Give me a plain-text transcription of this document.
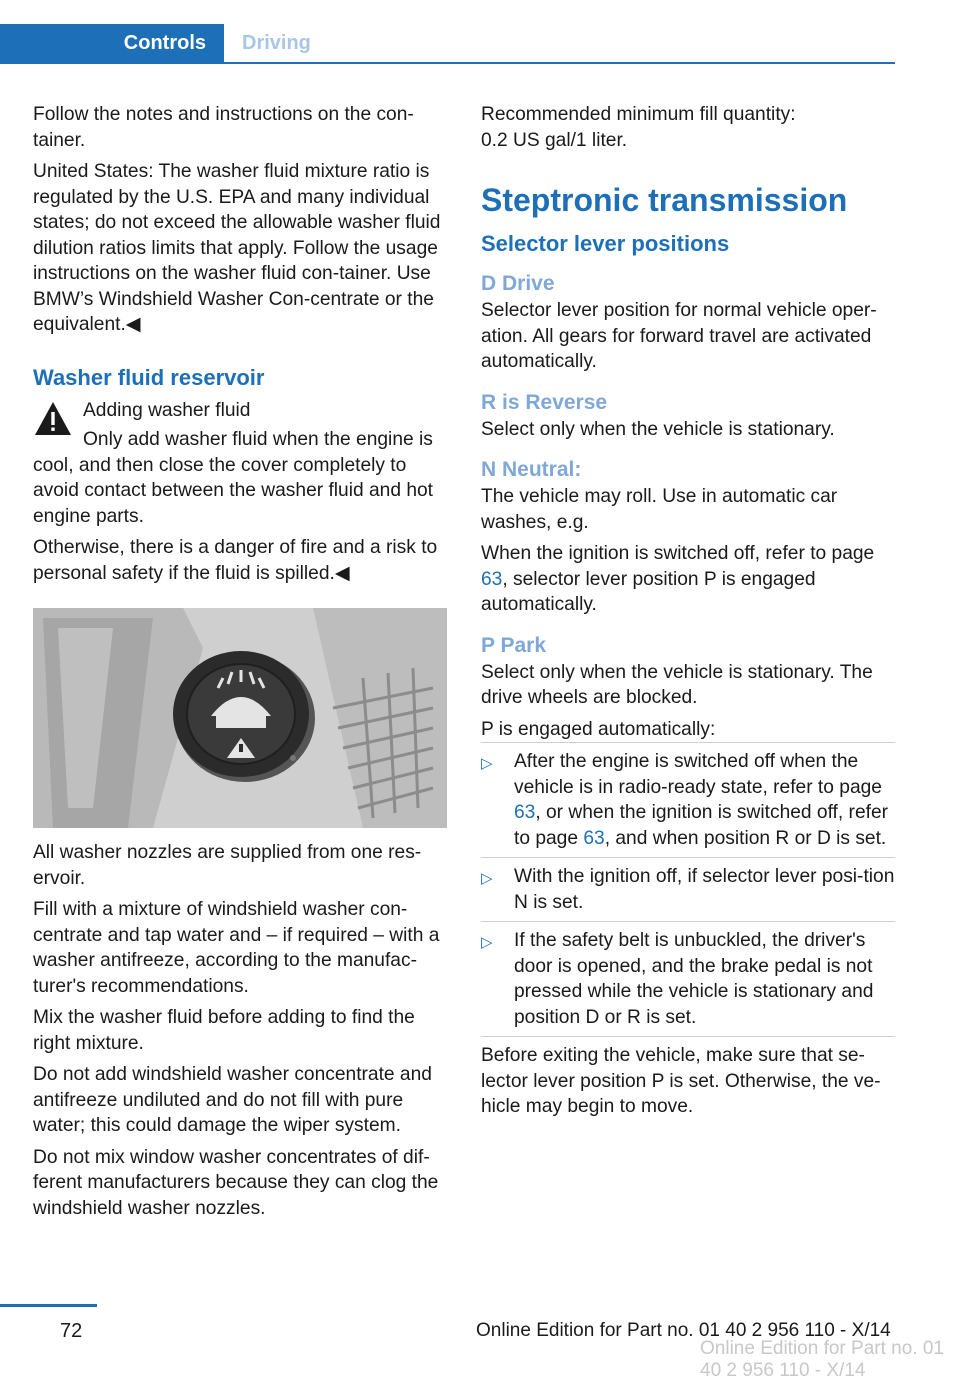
Controls Driving

Follow the notes and instructions on the con‐tainer.

United States: The washer fluid mixture ratio is regulated by the U.S. EPA and many individual states; do not exceed the allowable washer fluid dilution ratios limits that apply. Follow the usage instructions on the washer fluid con‐tainer. Use BMW’s Windshield Washer Con‐centrate or the equivalent.◀

Washer fluid reservoir

Adding washer fluid

Only add washer fluid when the engine is cool, and then close the cover completely to avoid contact between the washer fluid and hot engine parts.

Otherwise, there is a danger of fire and a risk to personal safety if the fluid is spilled.◀

All washer nozzles are supplied from one res‐ervoir.

Fill with a mixture of windshield washer con‐centrate and tap water and – if required – with a washer antifreeze, according to the manufac‐turer's recommendations.

Mix the washer fluid before adding to find the right mixture.

Do not add windshield washer concentrate and antifreeze undiluted and do not fill with pure water; this could damage the wiper system.

Do not mix window washer concentrates of dif‐ferent manufacturers because they can clog the windshield washer nozzles.

Recommended minimum fill quantity:

0.2 US gal/1 liter.

Steptronic transmission
Selector lever positions
D Drive

Selector lever position for normal vehicle oper‐ation. All gears for forward travel are activated automatically.

R is Reverse

Select only when the vehicle is stationary.

N Neutral:

The vehicle may roll. Use in automatic car washes, e.g.

When the ignition is switched off, refer to page 63, selector lever position P is engaged automatically.

P Park

Select only when the vehicle is stationary. The drive wheels are blocked.

P is engaged automatically:

▷ After the engine is switched off when the vehicle is in radio-ready state, refer to page 63, or when the ignition is switched off, refer to page 63, and when position R or D is set.
▷ With the ignition off, if selector lever posi‐tion N is set.
▷ If the safety belt is unbuckled, the driver's door is opened, and the brake pedal is not pressed while the vehicle is stationary and position D or R is set.

Before exiting the vehicle, make sure that se‐lector lever position P is set. Otherwise, the ve‐hicle may begin to move.

72	Online Edition for Part no. 01 40 2 956 110 - X/14
Online Edition for Part no. 01 40 2 956 110 - X/14
